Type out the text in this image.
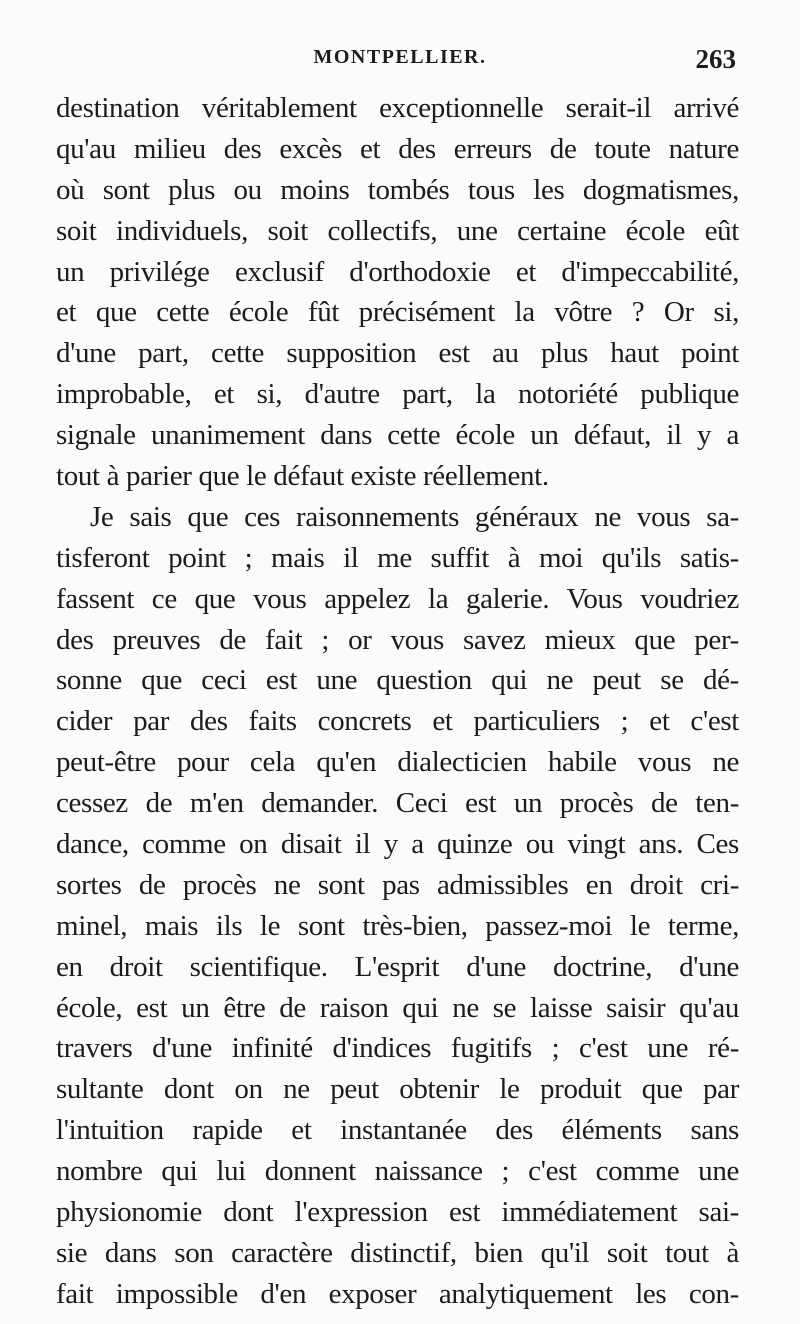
MONTPELLIER.	263
destination véritablement exceptionnelle serait-il arrivé
qu'au milieu des excès et des erreurs de toute nature
où sont plus ou moins tombés tous les dogmatismes,
soit individuels, soit collectifs, une certaine école eût
un privilége exclusif d'orthodoxie et d'impeccabilité,
et que cette école fût précisément la vôtre ? Or si,
d'une part, cette supposition est au plus haut point
improbable, et si, d'autre part, la notoriété publique
signale unanimement dans cette école un défaut, il y a
tout à parier que le défaut existe réellement.
Je sais que ces raisonnements généraux ne vous sa-
tisferont point ; mais il me suffit à moi qu'ils satis-
fassent ce que vous appelez la galerie. Vous voudriez
des preuves de fait ; or vous savez mieux que per-
sonne que ceci est une question qui ne peut se dé-
cider par des faits concrets et particuliers ; et c'est
peut-être pour cela qu'en dialecticien habile vous ne
cessez de m'en demander. Ceci est un procès de ten-
dance, comme on disait il y a quinze ou vingt ans. Ces
sortes de procès ne sont pas admissibles en droit cri-
minel, mais ils le sont très-bien, passez-moi le terme,
en droit scientifique. L'esprit d'une doctrine, d'une
école, est un être de raison qui ne se laisse saisir qu'au
travers d'une infinité d'indices fugitifs ; c'est une ré-
sultante dont on ne peut obtenir le produit que par
l'intuition rapide et instantanée des éléments sans
nombre qui lui donnent naissance ; c'est comme une
physionomie dont l'expression est immédiatement sai-
sie dans son caractère distinctif, bien qu'il soit tout à
fait impossible d'en exposer analytiquement les con-
